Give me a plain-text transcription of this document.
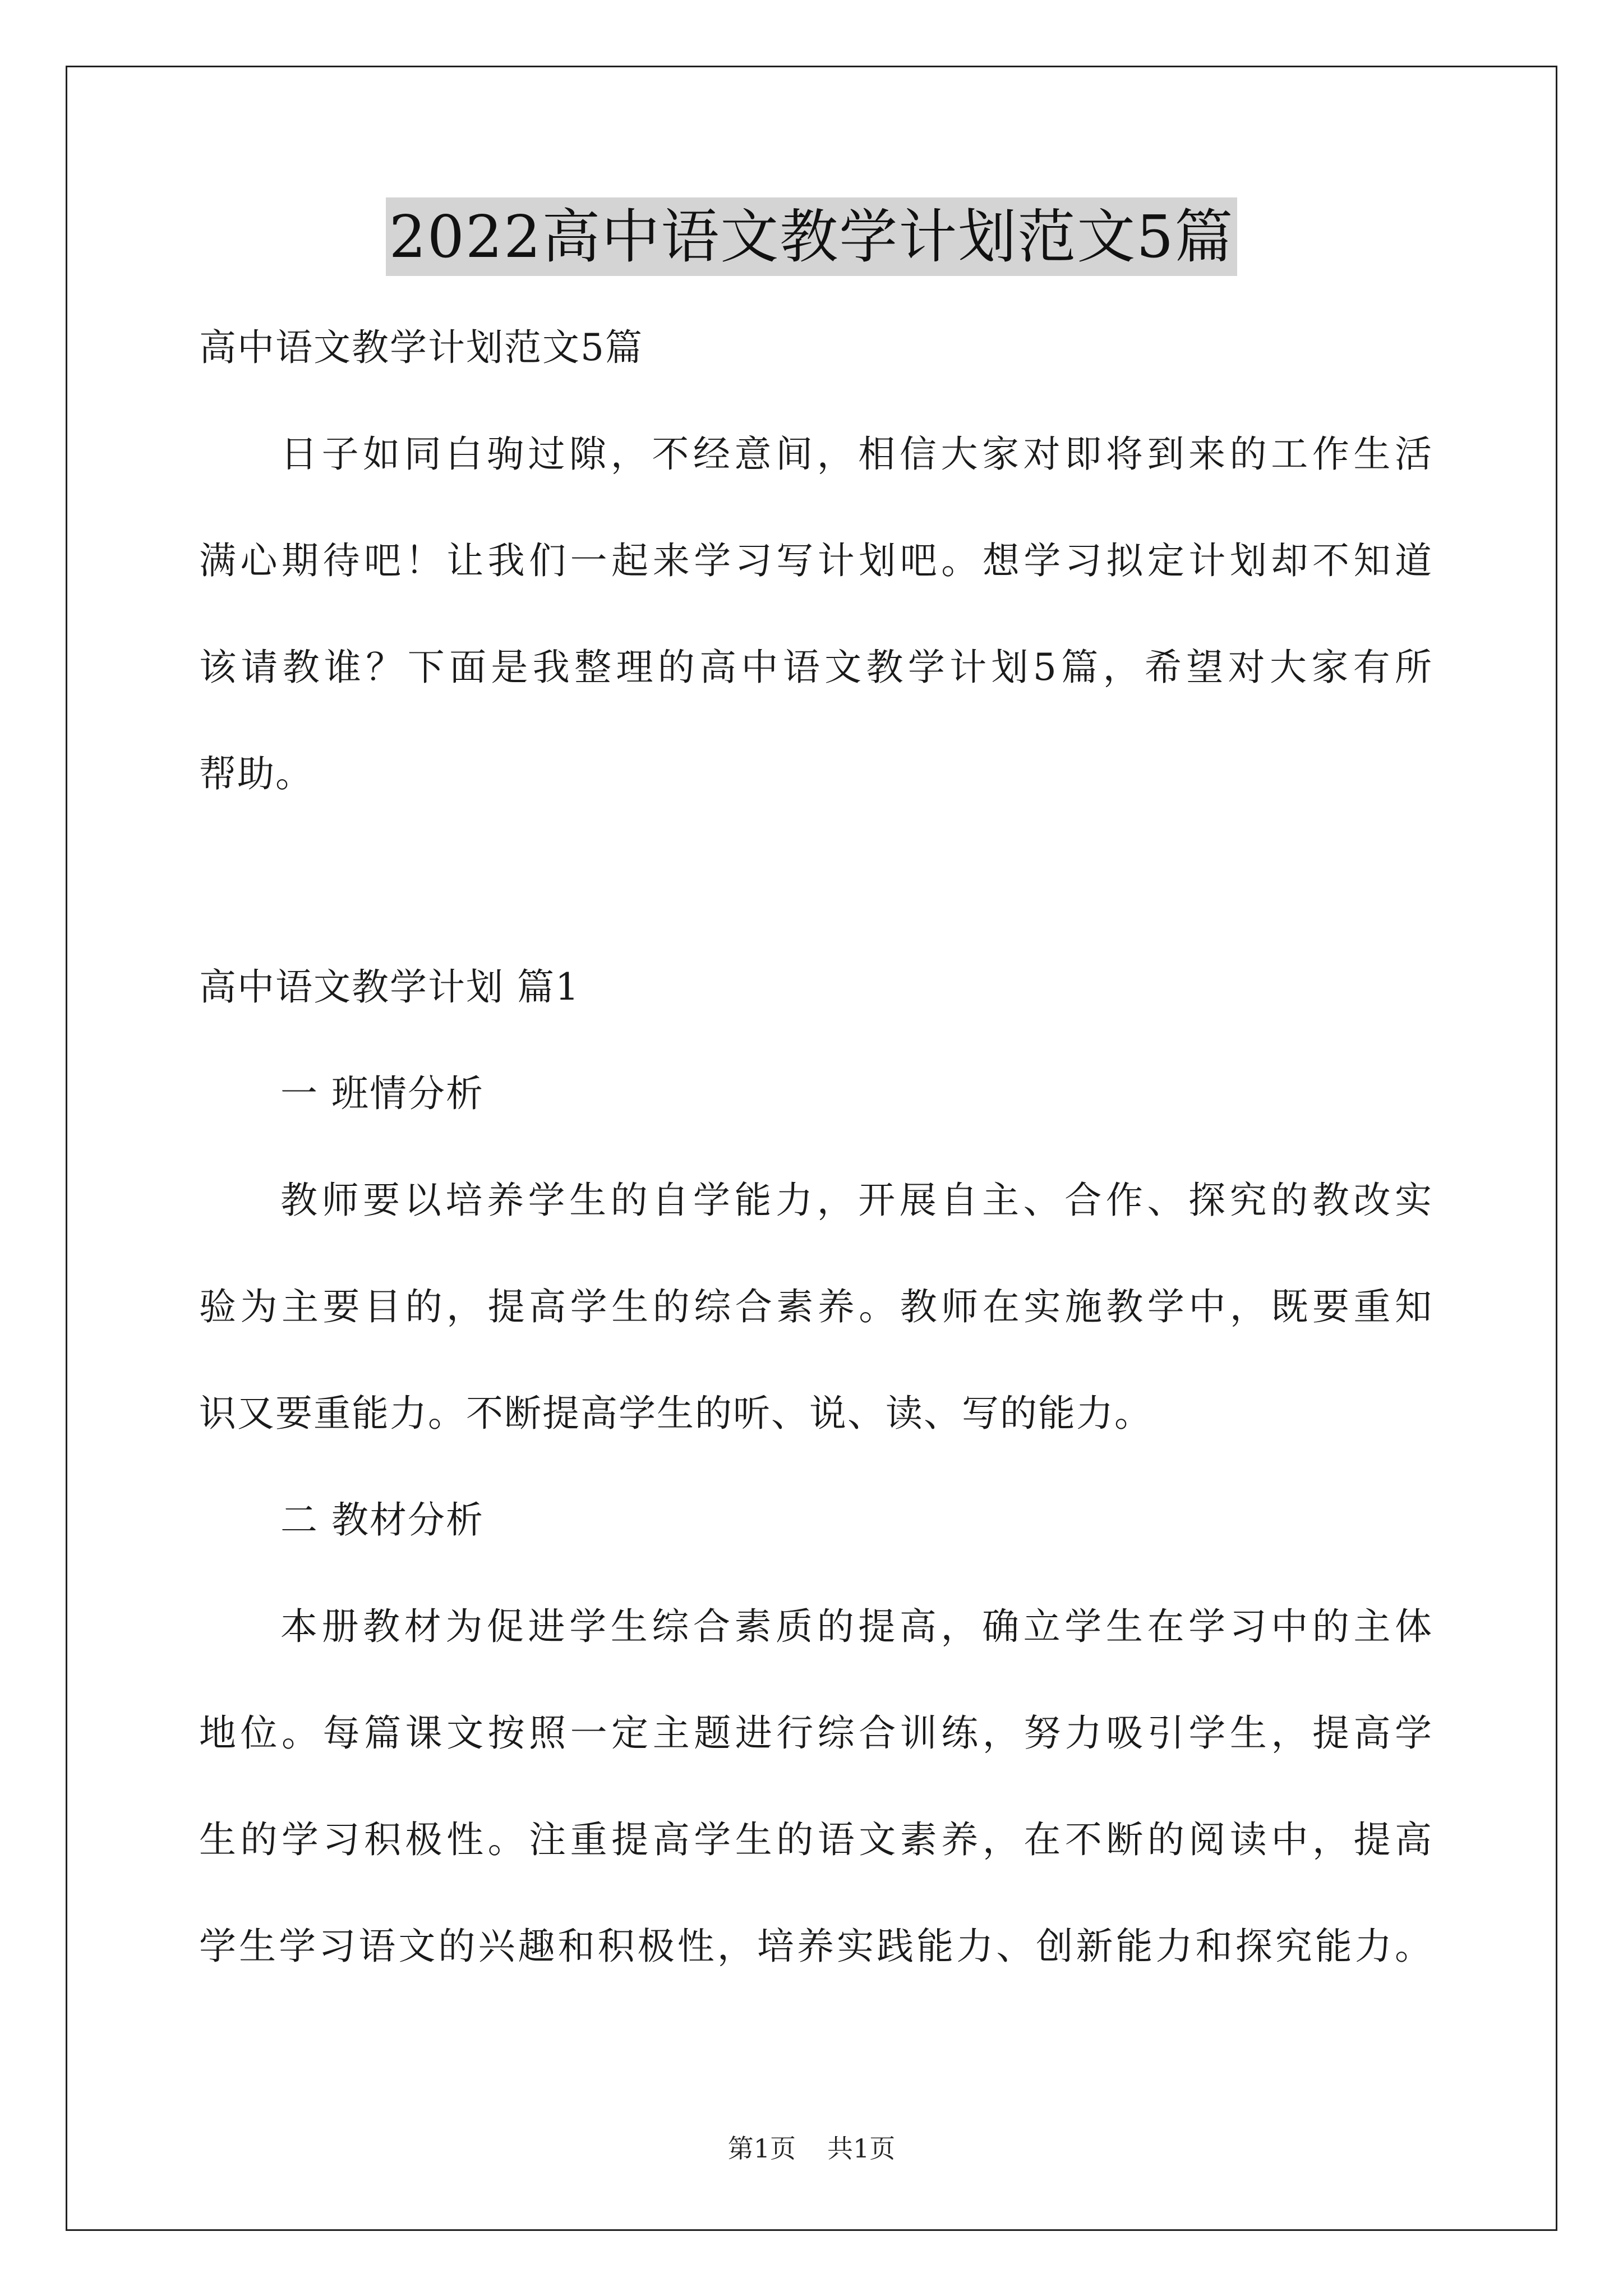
2022高中语文教学计划范文5篇
高中语文教学计划范文5篇
日子如同白驹过隙，不经意间，相信大家对即将到来的工作生活
满心期待吧！让我们一起来学习写计划吧。想学习拟定计划却不知道
该请教谁？下面是我整理的高中语文教学计划5篇，希望对大家有所
帮助。
高中语文教学计划 篇1
一 班情分析
教师要以培养学生的自学能力，开展自主、合作、探究的教改实
验为主要目的，提高学生的综合素养。教师在实施教学中，既要重知
识又要重能力。不断提高学生的听、说、读、写的能力。
二 教材分析
本册教材为促进学生综合素质的提高，确立学生在学习中的主体
地位。每篇课文按照一定主题进行综合训练，努力吸引学生，提高学
生的学习积极性。注重提高学生的语文素养，在不断的阅读中，提高
学生学习语文的兴趣和积极性，培养实践能力、创新能力和探究能力。
第1页 共1页
